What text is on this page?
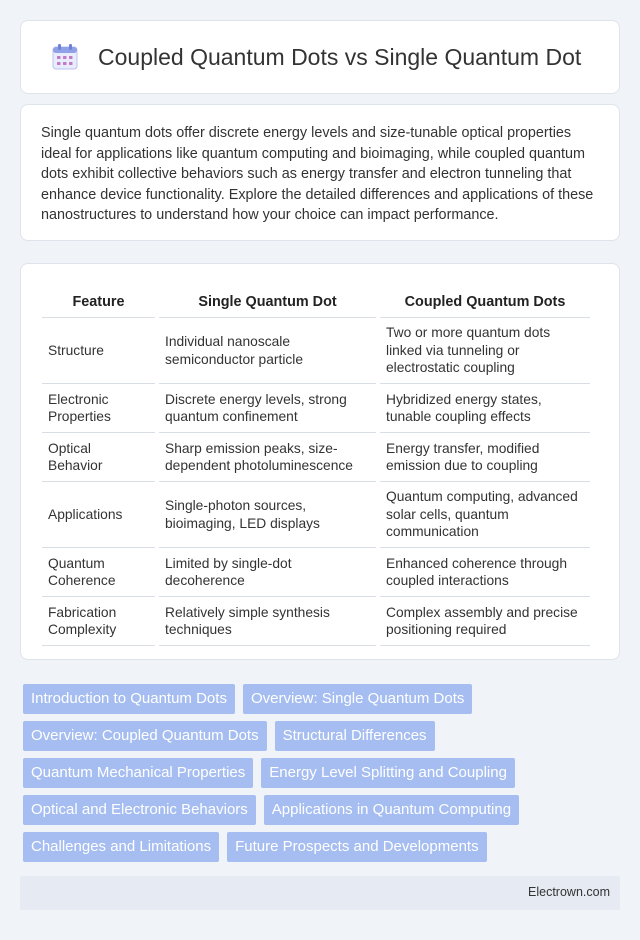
Coupled Quantum Dots vs Single Quantum Dot

Single quantum dots offer discrete energy levels and size-tunable optical properties ideal for applications like quantum computing and bioimaging, while coupled quantum dots exhibit collective behaviors such as energy transfer and electron tunneling that enhance device functionality. Explore the detailed differences and applications of these nanostructures to understand how your choice can impact performance.

Feature	Single Quantum Dot	Coupled Quantum Dots
Structure	Individual nanoscale semiconductor particle	Two or more quantum dots linked via tunneling or electrostatic coupling
Electronic Properties	Discrete energy levels, strong quantum confinement	Hybridized energy states, tunable coupling effects
Optical Behavior	Sharp emission peaks, size-dependent photoluminescence	Energy transfer, modified emission due to coupling
Applications	Single-photon sources, bioimaging, LED displays	Quantum computing, advanced solar cells, quantum communication
Quantum Coherence	Limited by single-dot decoherence	Enhanced coherence through coupled interactions
Fabrication Complexity	Relatively simple synthesis techniques	Complex assembly and precise positioning required
Introduction to Quantum Dots	Overview: Single Quantum Dots
Overview: Coupled Quantum Dots	Structural Differences
Quantum Mechanical Properties	Energy Level Splitting and Coupling
Optical and Electronic Behaviors	Applications in Quantum Computing
Challenges and Limitations	Future Prospects and Developments
Electrown.com
